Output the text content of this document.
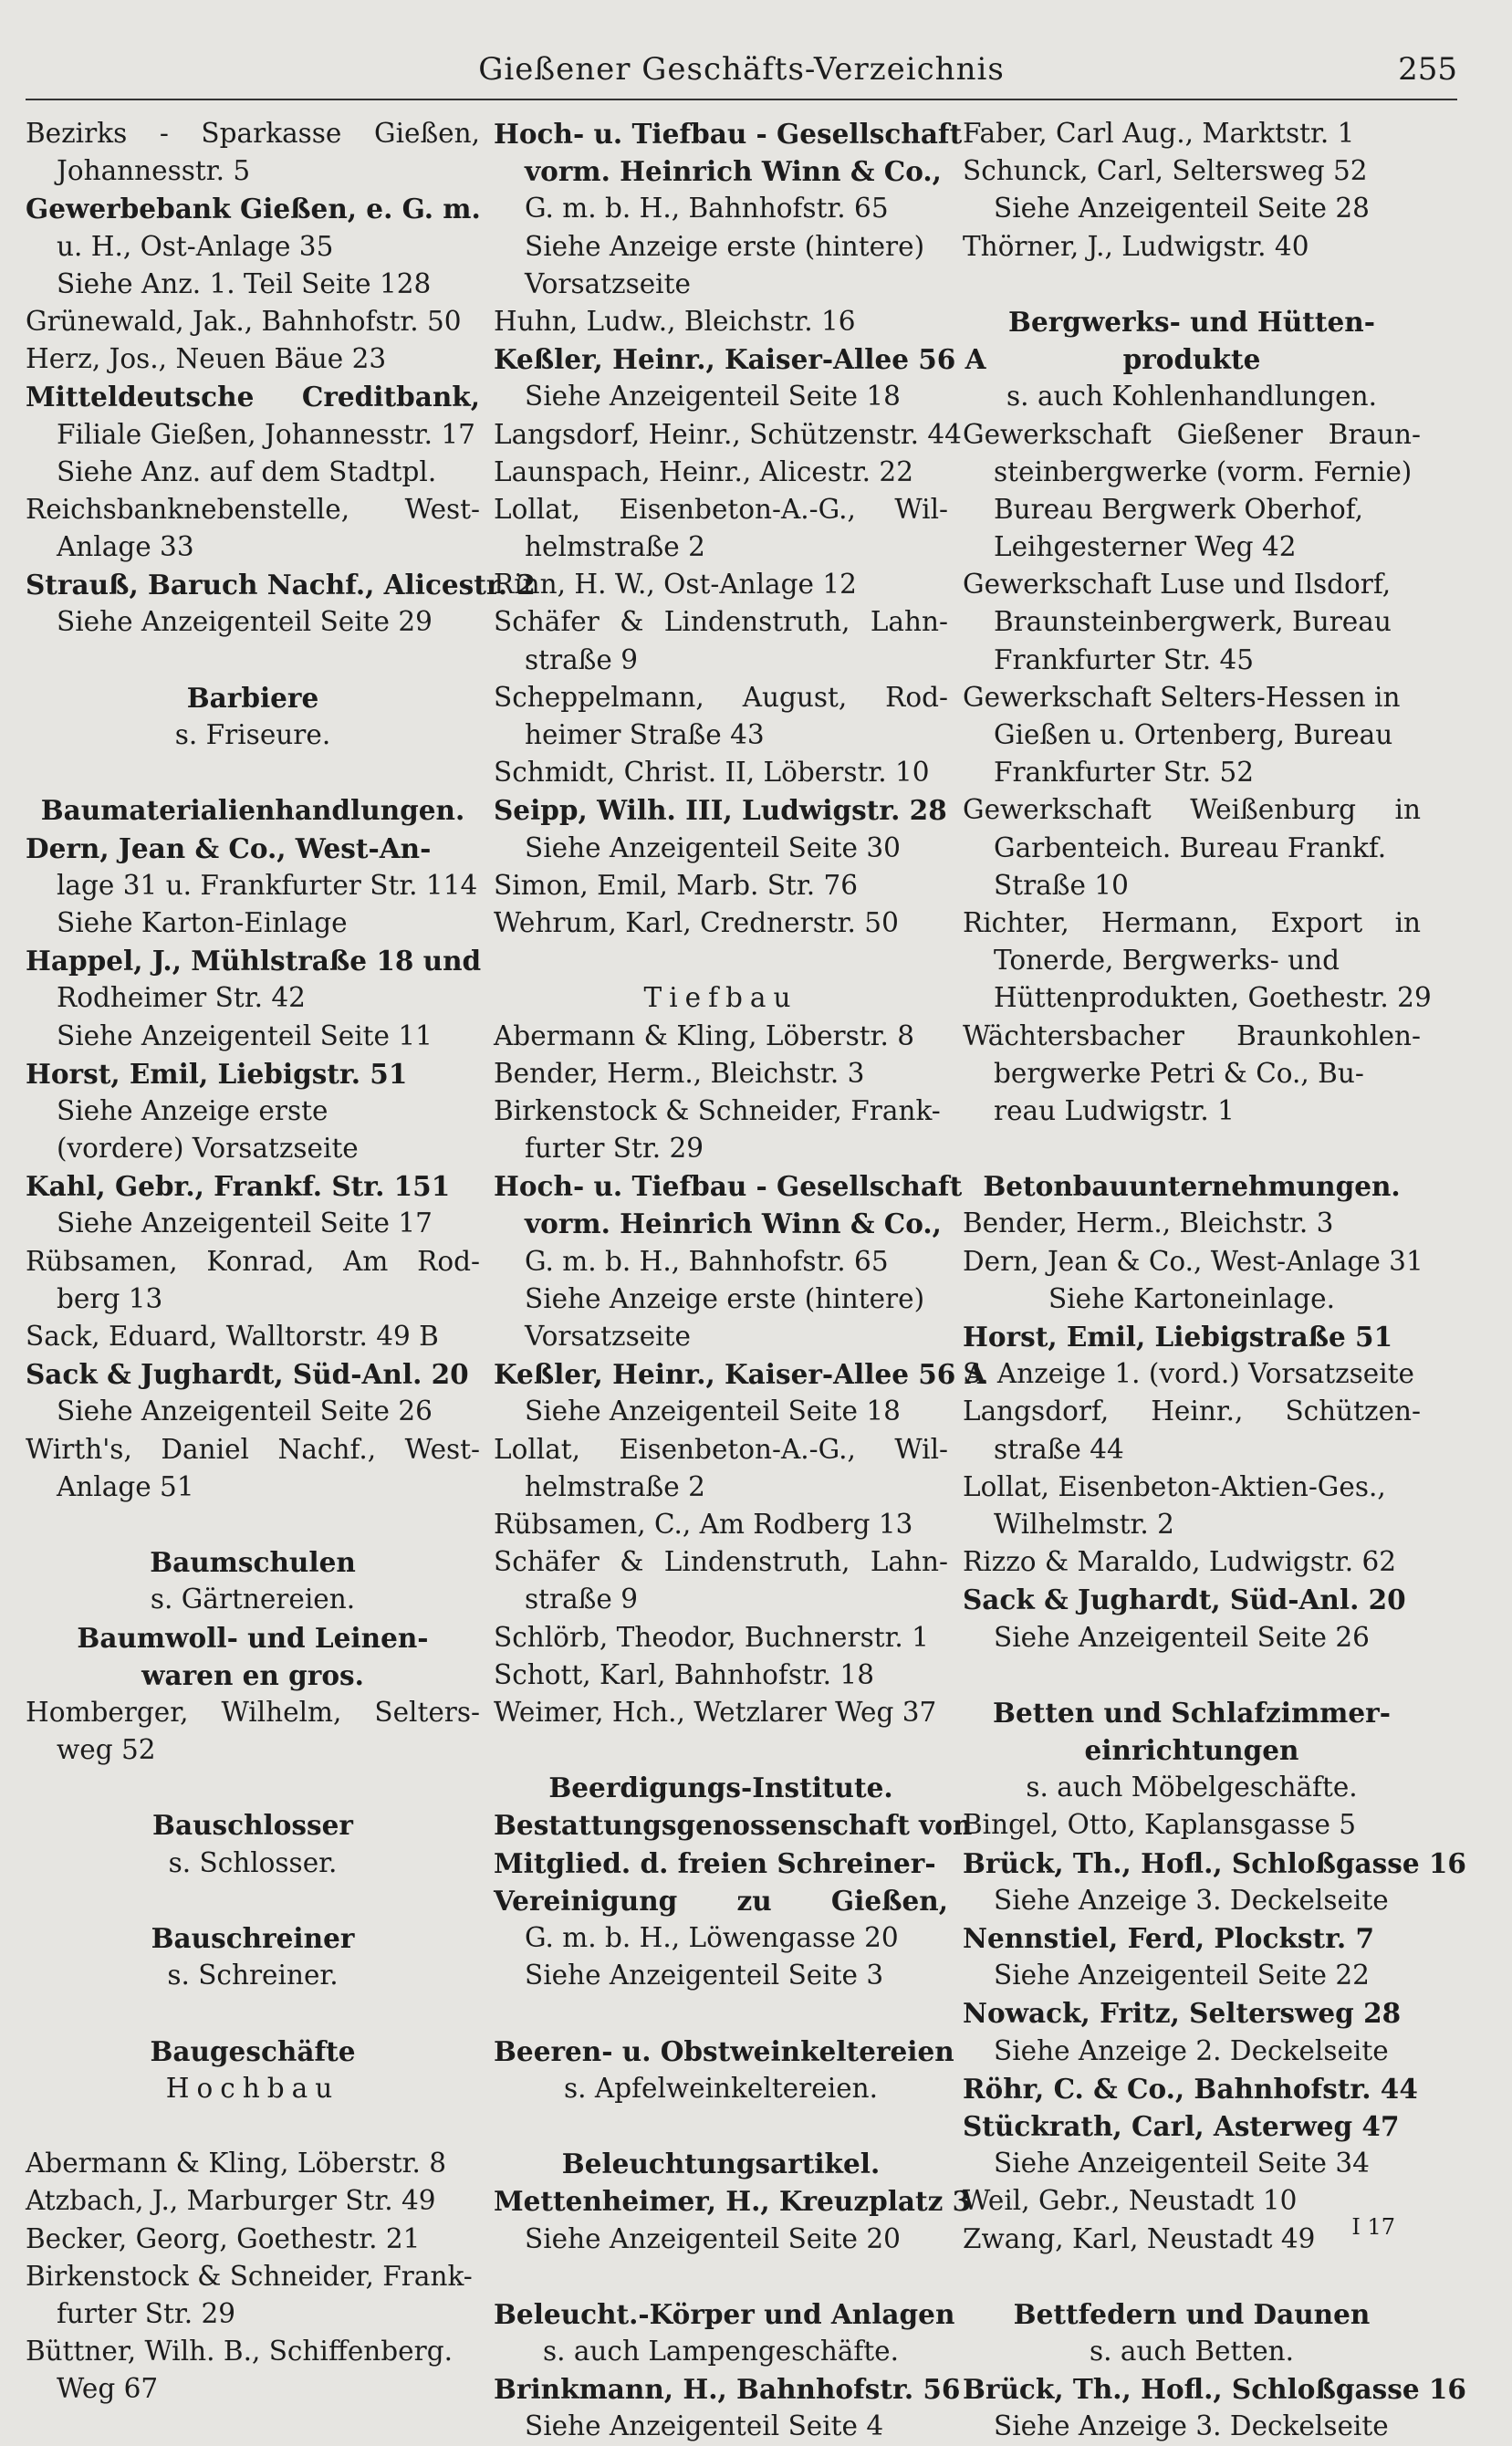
Gießener Geschäfts-Verzeichnis	255
Bezirks - Sparkasse Gießen,
Johannesstr. 5
Gewerbebank Gießen, e. G. m.
u. H., Ost-Anlage 35
Siehe Anz. 1. Teil Seite 128
Grünewald, Jak., Bahnhofstr. 50
Herz, Jos., Neuen Bäue 23
Mitteldeutsche Creditbank,
Filiale Gießen, Johannesstr. 17
Siehe Anz. auf dem Stadtpl.
Reichsbanknebenstelle, West-
Anlage 33
Strauß, Baruch Nachf., Alicestr. 2
Siehe Anzeigenteil Seite 29
Barbiere
s. Friseure.
Baumaterialienhandlungen.
Dern, Jean & Co., West-An-
lage 31 u. Frankfurter Str. 114
Siehe Karton-Einlage
Happel, J., Mühlstraße 18 und
Rodheimer Str. 42
Siehe Anzeigenteil Seite 11
Horst, Emil, Liebigstr. 51
Siehe Anzeige erste
(vordere) Vorsatzseite
Kahl, Gebr., Frankf. Str. 151
Siehe Anzeigenteil Seite 17
Rübsamen, Konrad, Am Rod-
berg 13
Sack, Eduard, Walltorstr. 49 B
Sack & Jughardt, Süd-Anl. 20
Siehe Anzeigenteil Seite 26
Wirth's, Daniel Nachf., West-
Anlage 51
Baumschulen
s. Gärtnereien.
Baumwoll- und Leinen-
waren en gros.
Homberger, Wilhelm, Selters-
weg 52
Bauschlosser
s. Schlosser.
Bauschreiner
s. Schreiner.
Baugeschäfte
Hochbau
Abermann & Kling, Löberstr. 8
Atzbach, J., Marburger Str. 49
Becker, Georg, Goethestr. 21
Birkenstock & Schneider, Frank-
furter Str. 29
Büttner, Wilh. B., Schiffenberg.
Weg 67
Hoch- u. Tiefbau - Gesellschaft
vorm. Heinrich Winn & Co.,
G. m. b. H., Bahnhofstr. 65
Siehe Anzeige erste (hintere)
Vorsatzseite
Huhn, Ludw., Bleichstr. 16
Keßler, Heinr., Kaiser-Allee 56 A
Siehe Anzeigenteil Seite 18
Langsdorf, Heinr., Schützenstr. 44
Launspach, Heinr., Alicestr. 22
Lollat, Eisenbeton-A.-G., Wil-
helmstraße 2
Rinn, H. W., Ost-Anlage 12
Schäfer & Lindenstruth, Lahn-
straße 9
Scheppelmann, August, Rod-
heimer Straße 43
Schmidt, Christ. II, Löberstr. 10
Seipp, Wilh. III, Ludwigstr. 28
Siehe Anzeigenteil Seite 30
Simon, Emil, Marb. Str. 76
Wehrum, Karl, Crednerstr. 50
Tiefbau
Abermann & Kling, Löberstr. 8
Bender, Herm., Bleichstr. 3
Birkenstock & Schneider, Frank-
furter Str. 29
Hoch- u. Tiefbau - Gesellschaft
vorm. Heinrich Winn & Co.,
G. m. b. H., Bahnhofstr. 65
Siehe Anzeige erste (hintere)
Vorsatzseite
Keßler, Heinr., Kaiser-Allee 56 A
Siehe Anzeigenteil Seite 18
Lollat, Eisenbeton-A.-G., Wil-
helmstraße 2
Rübsamen, C., Am Rodberg 13
Schäfer & Lindenstruth, Lahn-
straße 9
Schlörb, Theodor, Buchnerstr. 1
Schott, Karl, Bahnhofstr. 18
Weimer, Hch., Wetzlarer Weg 37
Beerdigungs-Institute.
Bestattungsgenossenschaft von
Mitglied. d. freien Schreiner-
Vereinigung zu Gießen,
G. m. b. H., Löwengasse 20
Siehe Anzeigenteil Seite 3
Beeren- u. Obstweinkeltereien
s. Apfelweinkeltereien.
Beleuchtungsartikel.
Mettenheimer, H., Kreuzplatz 3
Siehe Anzeigenteil Seite 20
Beleucht.-Körper und Anlagen
s. auch Lampengeschäfte.
Brinkmann, H., Bahnhofstr. 56
Siehe Anzeigenteil Seite 4
Faber, Carl Aug., Marktstr. 1
Schunck, Carl, Seltersweg 52
Siehe Anzeigenteil Seite 28
Thörner, J., Ludwigstr. 40
Bergwerks- und Hütten-
produkte
s. auch Kohlenhandlungen.
Gewerkschaft Gießener Braun-
steinbergwerke (vorm. Fernie)
Bureau Bergwerk Oberhof,
Leihgesterner Weg 42
Gewerkschaft Luse und Ilsdorf,
Braunsteinbergwerk, Bureau
Frankfurter Str. 45
Gewerkschaft Selters-Hessen in
Gießen u. Ortenberg, Bureau
Frankfurter Str. 52
Gewerkschaft Weißenburg in
Garbenteich. Bureau Frankf.
Straße 10
Richter, Hermann, Export in
Tonerde, Bergwerks- und
Hüttenprodukten, Goethestr. 29
Wächtersbacher Braunkohlen-
bergwerke Petri & Co., Bu-
reau Ludwigstr. 1
Betonbauunternehmungen.
Bender, Herm., Bleichstr. 3
Dern, Jean & Co., West-Anlage 31
Siehe Kartoneinlage.
Horst, Emil, Liebigstraße 51
S. Anzeige 1. (vord.) Vorsatzseite
Langsdorf, Heinr., Schützen-
straße 44
Lollat, Eisenbeton-Aktien-Ges.,
Wilhelmstr. 2
Rizzo & Maraldo, Ludwigstr. 62
Sack & Jughardt, Süd-Anl. 20
Siehe Anzeigenteil Seite 26
Betten und Schlafzimmer-
einrichtungen
s. auch Möbelgeschäfte.
Bingel, Otto, Kaplansgasse 5
Brück, Th., Hofl., Schloßgasse 16
Siehe Anzeige 3. Deckelseite
Nennstiel, Ferd, Plockstr. 7
Siehe Anzeigenteil Seite 22
Nowack, Fritz, Seltersweg 28
Siehe Anzeige 2. Deckelseite
Röhr, C. & Co., Bahnhofstr. 44
Stückrath, Carl, Asterweg 47
Siehe Anzeigenteil Seite 34
Weil, Gebr., Neustadt 10
Zwang, Karl, Neustadt 49
Bettfedern und Daunen
s. auch Betten.
Brück, Th., Hofl., Schloßgasse 16
Siehe Anzeige 3. Deckelseite
I 17
